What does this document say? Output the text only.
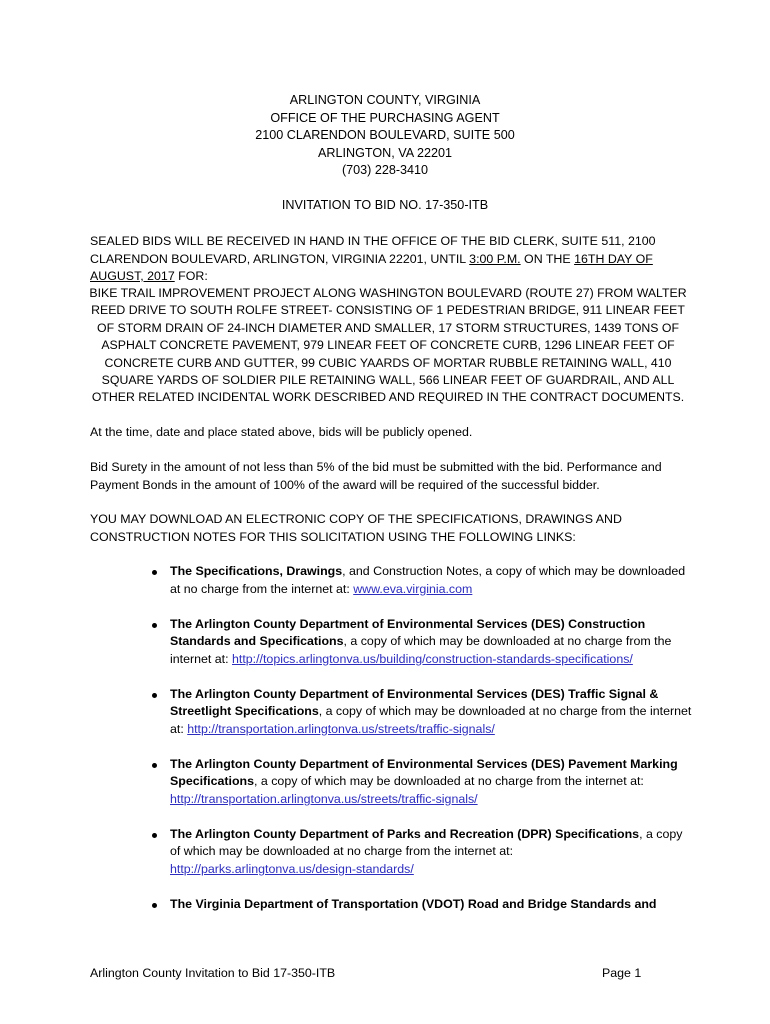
ARLINGTON COUNTY, VIRGINIA
OFFICE OF THE PURCHASING AGENT
2100 CLARENDON BOULEVARD, SUITE 500
ARLINGTON, VA 22201
(703) 228-3410
INVITATION TO BID NO. 17-350-ITB
SEALED BIDS WILL BE RECEIVED IN HAND IN THE OFFICE OF THE BID CLERK, SUITE 511, 2100 CLARENDON BOULEVARD, ARLINGTON, VIRGINIA 22201, UNTIL 3:00 P.M. ON THE 16TH DAY OF AUGUST, 2017 FOR:
BIKE TRAIL IMPROVEMENT PROJECT ALONG WASHINGTON BOULEVARD (ROUTE 27) FROM WALTER REED DRIVE TO SOUTH ROLFE STREET- CONSISTING OF 1 PEDESTRIAN BRIDGE, 911 LINEAR FEET OF STORM DRAIN OF 24-INCH DIAMETER AND SMALLER, 17 STORM STRUCTURES, 1439 TONS OF ASPHALT CONCRETE PAVEMENT, 979 LINEAR FEET OF CONCRETE CURB, 1296 LINEAR FEET OF CONCRETE CURB AND GUTTER, 99 CUBIC YAARDS OF MORTAR RUBBLE RETAINING WALL, 410 SQUARE YARDS OF SOLDIER PILE RETAINING WALL, 566 LINEAR FEET OF GUARDRAIL, AND ALL OTHER RELATED INCIDENTAL WORK DESCRIBED AND REQUIRED IN THE CONTRACT DOCUMENTS.
At the time, date and place stated above, bids will be publicly opened.
Bid Surety in the amount of not less than 5% of the bid must be submitted with the bid. Performance and Payment Bonds in the amount of 100% of the award will be required of the successful bidder.
YOU MAY DOWNLOAD AN ELECTRONIC COPY OF THE SPECIFICATIONS, DRAWINGS AND CONSTRUCTION NOTES FOR THIS SOLICITATION USING THE FOLLOWING LINKS:
The Specifications, Drawings, and Construction Notes, a copy of which may be downloaded at no charge from the internet at: www.eva.virginia.com
The Arlington County Department of Environmental Services (DES) Construction Standards and Specifications, a copy of which may be downloaded at no charge from the internet at: http://topics.arlingtonva.us/building/construction-standards-specifications/
The Arlington County Department of Environmental Services (DES) Traffic Signal & Streetlight Specifications, a copy of which may be downloaded at no charge from the internet at: http://transportation.arlingtonva.us/streets/traffic-signals/
The Arlington County Department of Environmental Services (DES) Pavement Marking Specifications, a copy of which may be downloaded at no charge from the internet at: http://transportation.arlingtonva.us/streets/traffic-signals/
The Arlington County Department of Parks and Recreation (DPR) Specifications, a copy of which may be downloaded at no charge from the internet at: http://parks.arlingtonva.us/design-standards/
The Virginia Department of Transportation (VDOT) Road and Bridge Standards and
Arlington County Invitation to Bid 17-350-ITB	Page 1
